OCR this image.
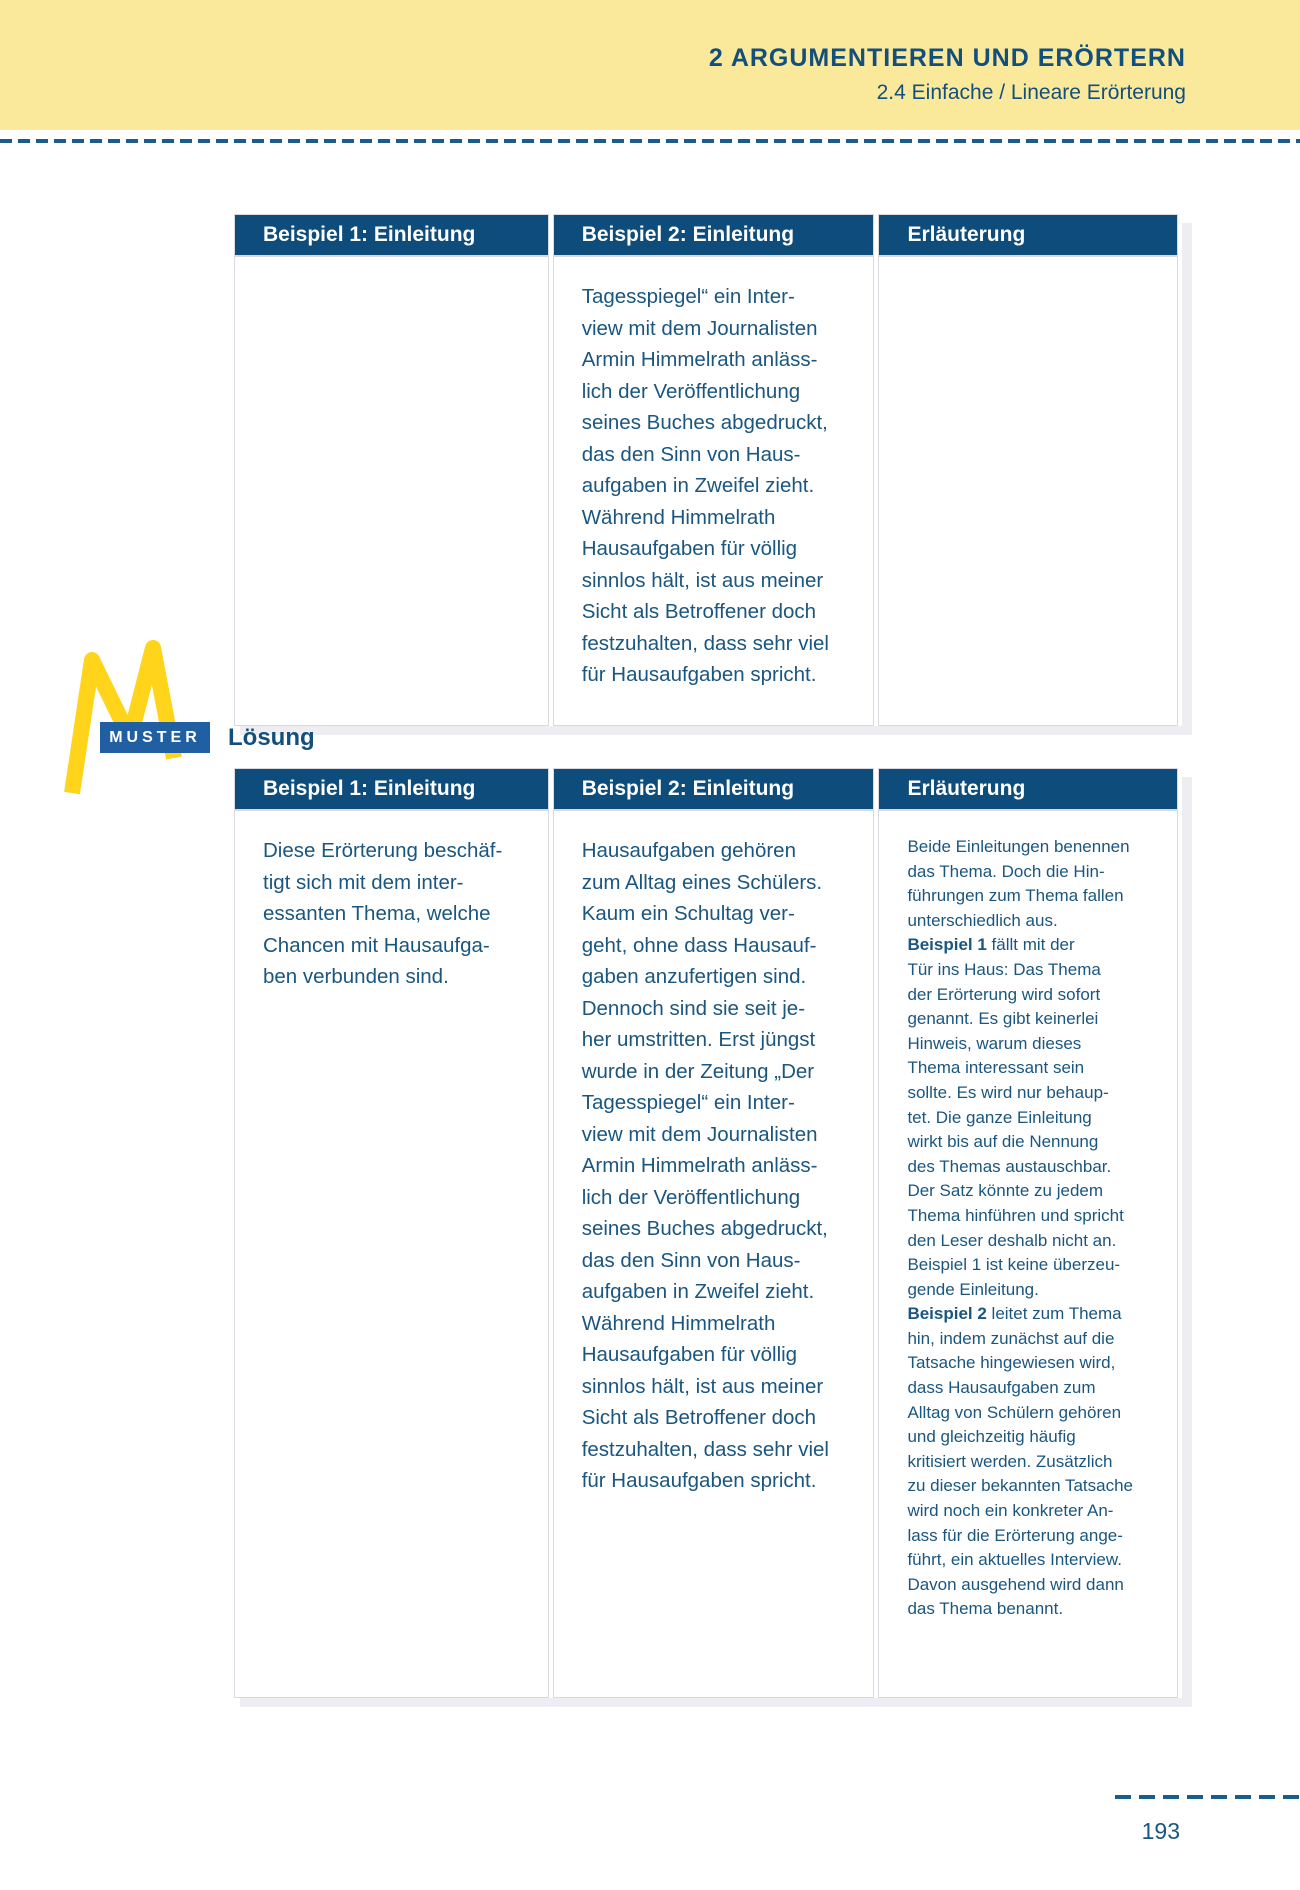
2 ARGUMENTIEREN UND ERÖRTERN
2.4 Einfache / Lineare Erörterung
Beispiel 1: Einleitung	Beispiel 2: Einleitung	Erläuterung
	Tagesspiegel“ ein Inter-
view mit dem Journalisten
Armin Himmelrath anläss-
lich der Veröffentlichung
seines Buches abgedruckt,
das den Sinn von Haus-
aufgaben in Zweifel zieht.
Während Himmelrath
Hausaufgaben für völlig
sinnlos hält, ist aus meiner
Sicht als Betroffener doch
festzuhalten, dass sehr viel
für Hausaufgaben spricht.	
MUSTER	Lösung
Beispiel 1: Einleitung	Beispiel 2: Einleitung	Erläuterung
Diese Erörterung beschäf-
tigt sich mit dem inter-
essanten Thema, welche
Chancen mit Hausaufga-
ben verbunden sind.	Hausaufgaben gehören
zum Alltag eines Schülers.
Kaum ein Schultag ver-
geht, ohne dass Hausauf-
gaben anzufertigen sind.
Dennoch sind sie seit je-
her umstritten. Erst jüngst
wurde in der Zeitung „Der
Tagesspiegel“ ein Inter-
view mit dem Journalisten
Armin Himmelrath anläss-
lich der Veröffentlichung
seines Buches abgedruckt,
das den Sinn von Haus-
aufgaben in Zweifel zieht.
Während Himmelrath
Hausaufgaben für völlig
sinnlos hält, ist aus meiner
Sicht als Betroffener doch
festzuhalten, dass sehr viel
für Hausaufgaben spricht.	Beide Einleitungen benennen
das Thema. Doch die Hin-
führungen zum Thema fallen
unterschiedlich aus.
Beispiel 1 fällt mit der
Tür ins Haus: Das Thema
der Erörterung wird sofort
genannt. Es gibt keinerlei
Hinweis, warum dieses
Thema interessant sein
sollte. Es wird nur behaup-
tet. Die ganze Einleitung
wirkt bis auf die Nennung
des Themas austauschbar.
Der Satz könnte zu jedem
Thema hinführen und spricht
den Leser deshalb nicht an.
Beispiel 1 ist keine überzeu-
gende Einleitung.
Beispiel 2 leitet zum Thema
hin, indem zunächst auf die
Tatsache hingewiesen wird,
dass Hausaufgaben zum
Alltag von Schülern gehören
und gleichzeitig häufig
kritisiert werden. Zusätzlich
zu dieser bekannten Tatsache
wird noch ein konkreter An-
lass für die Erörterung ange-
führt, ein aktuelles Interview.
Davon ausgehend wird dann
das Thema benannt.
193
